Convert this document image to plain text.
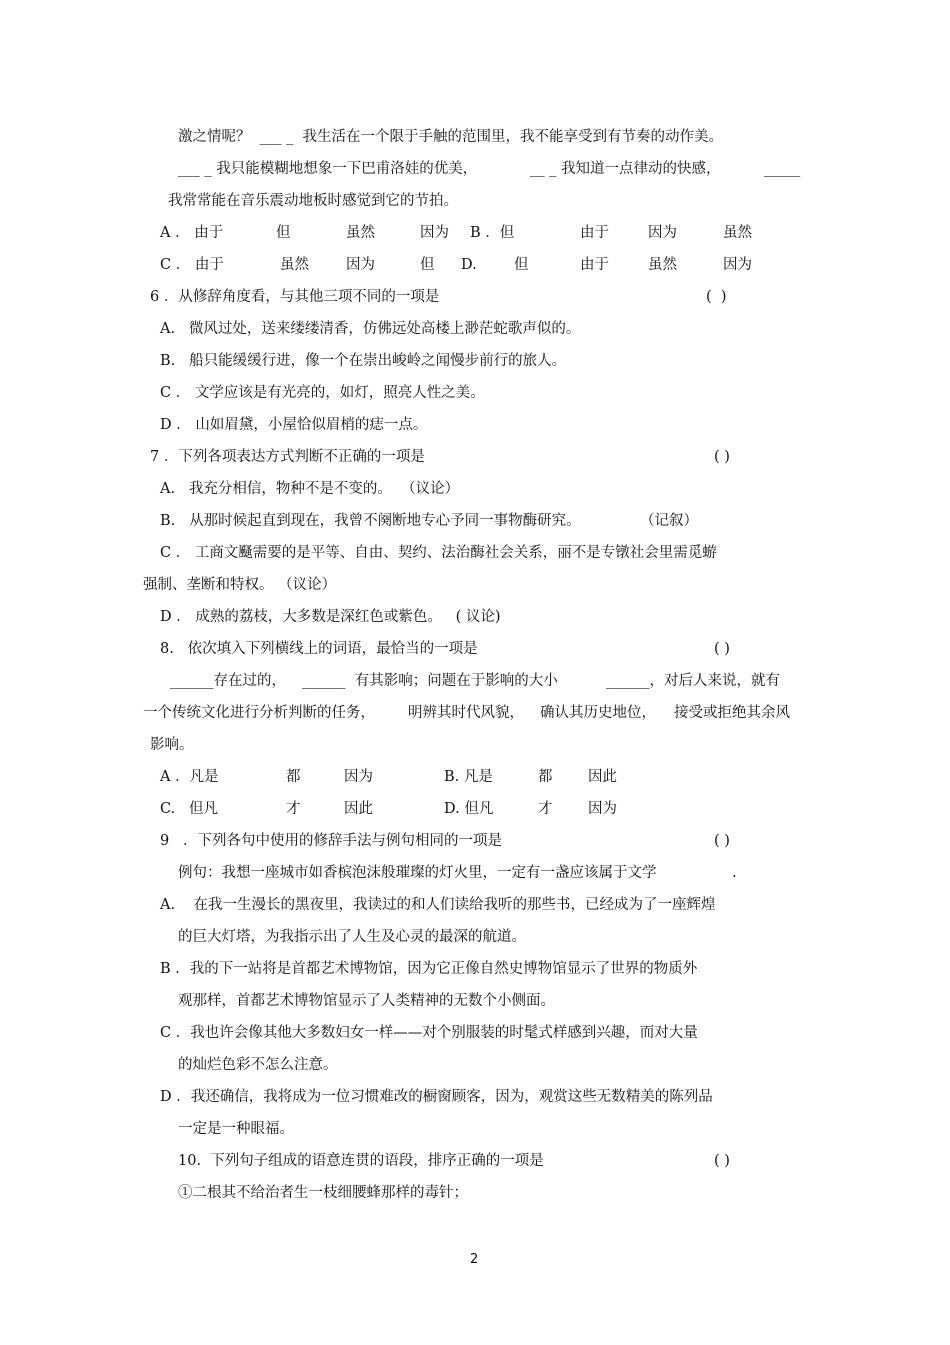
激之情呢？  ___ _  我生活在一个限于手触的范围里，我不能享受到有节奏的动作美。
___ _ 我只能模糊地想象一下巴甫洛娃的优美，	__ _ 我知道一点律动的快感，	_____
我常常能在音乐震动地板时感觉到它的节拍。
A ． 由于	但	虽然	因为 B ．但	由于	因为	虽然
C ． 由于	虽然	因为	但 D.	但	由于	虽然	因为
6 ．从修辞角度看，与其他三项不同的一项是	(  )
A.   微风过处，送来缕缕清香，仿佛远处高楼上渺茫蛇歌声似的。
B.   船只能缓缓行进，像一个在崇出峻岭之闻慢步前行的旅人。
C ． 文学应该是有光亮的，如灯，照亮人性之美。
D ． 山如眉黛，小屋恰似眉梢的痣一点。
7 ．下列各项表达方式判断不正确的一项是	( )
A.   我充分相信，物种不是不变的。  （议论）
B.   从那时候起直到现在，我曾不阕断地专心予同一事物酶研究。	（记叙）
C ． 工商文颾需要的是平等、自由、契约、法治酶社会关系，丽不是专镦社会里需觅蝣
强制、垄断和特权。 （议论）
D ． 成熟的荔枝，大多数是深红色或紫色。   ( 议论)
8.   依次填入下列横线上的词语，最恰当的一项是	( )
______存在过的， ______  有其影响；问题在于影响的大小	______，对后人来说，就有
一个传统文化进行分析判断的任务， 明辨其时代风貌， 确认其历史地位， 接受或拒绝其余风
影响。
A ．凡是	都	因为	B. 凡是	都 因此
C.   但凡	才	因此	D. 但凡	才 因为
9   ．下列各句中使用的修辞手法与例句相同的一项是	( )
例句：我想一座城市如香槟泡沫般璀璨的灯火里，一定有一盏应该属于文学	.
A.    在我一生漫长的黑夜里，我读过的和人们读给我听的那些书，已经成为了一座辉煌
的巨大灯塔，为我指示出了人生及心灵的最深的航道。
B ．我的下一站将是首都艺术博物馆，因为它正像自然史博物馆显示了世界的物质外
观那样，首都艺术博物馆显示了人类精神的无数个小侧面。
C ．我也许会像其他大多数妇女一样——对个别服装的时髦式样感到兴趣，而对大量
的灿烂色彩不怎么注意。
D ．我还确信，我将成为一位习惯难改的橱窗顾客，因为，观赏这些无数精美的陈列品
一定是一种眼福。
10.  下列句子组成的语意连贯的语段，排序正确的一项是	( )
①二根其不给治者生一枝细腰蜂那样的毒针；
2
